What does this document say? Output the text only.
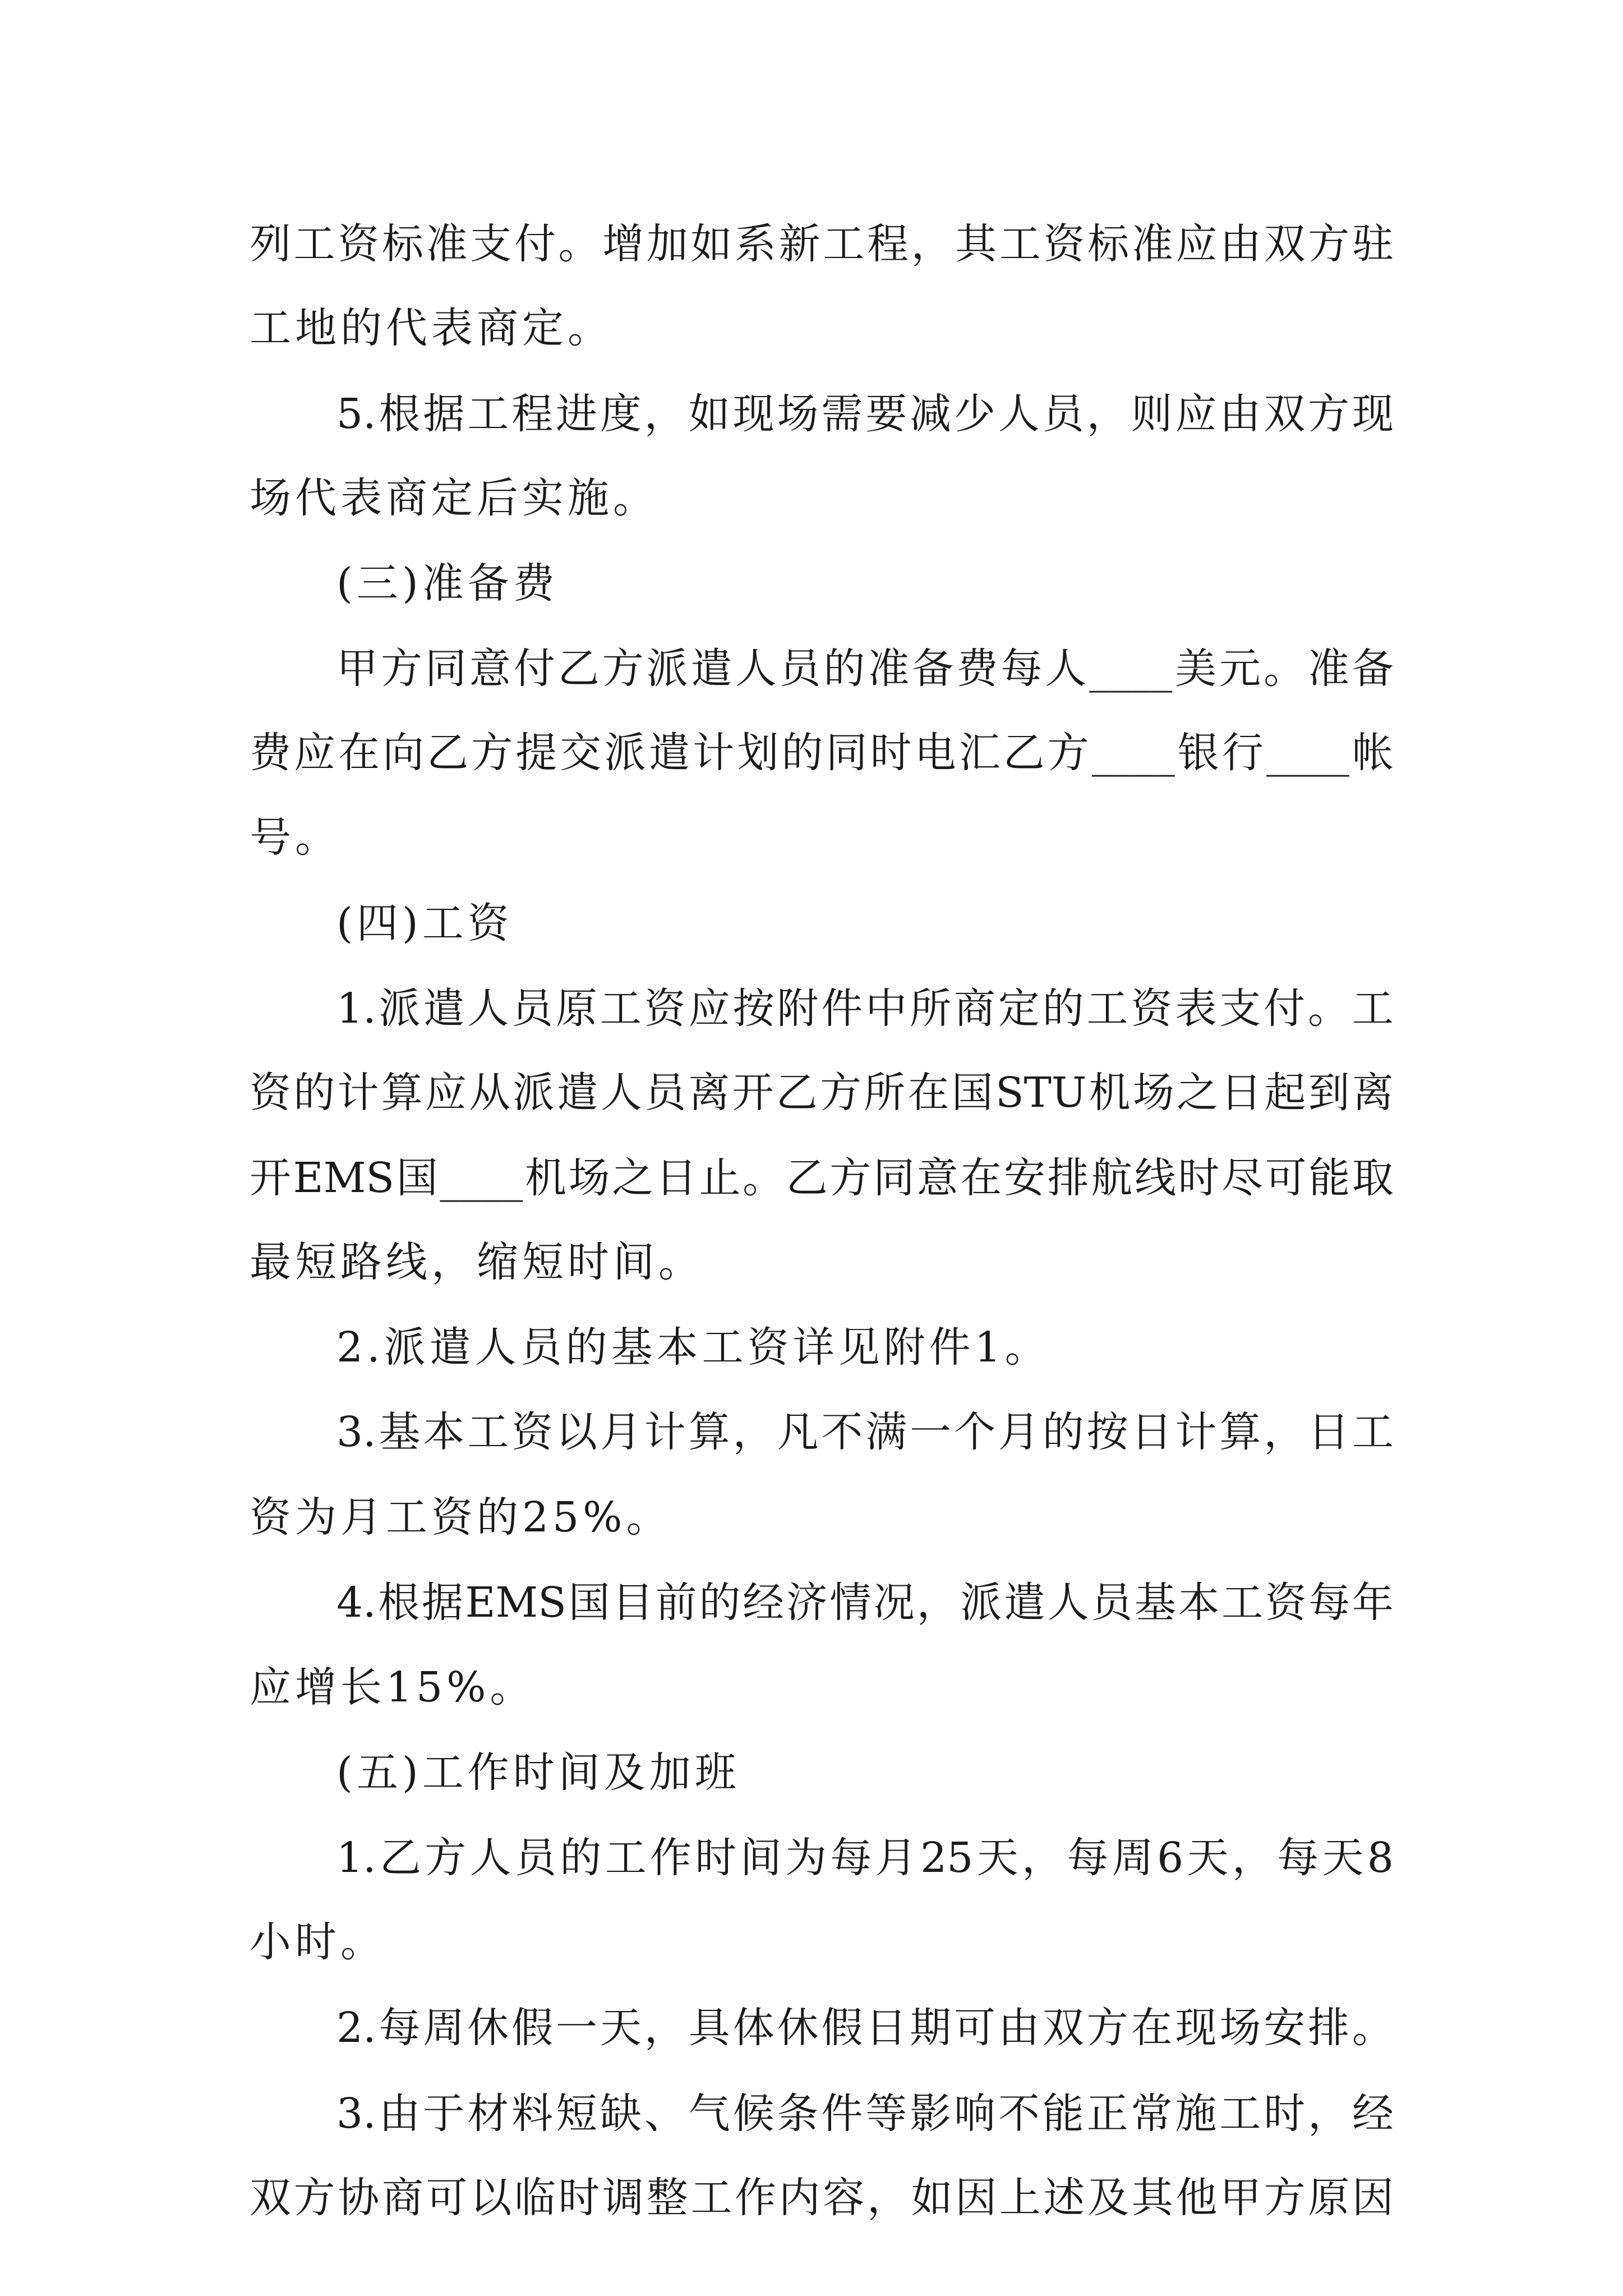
列工资标准支付。增加如系新工程，其工资标准应由双方驻
工地的代表商定。
5.根据工程进度，如现场需要减少人员，则应由双方现
场代表商定后实施。
(三)准备费
甲方同意付乙方派遣人员的准备费每人____美元。准备
费应在向乙方提交派遣计划的同时电汇乙方____银行____帐
号。
(四)工资
1.派遣人员原工资应按附件中所商定的工资表支付。工
资的计算应从派遣人员离开乙方所在国STU机场之日起到离
开EMS国____机场之日止。乙方同意在安排航线时尽可能取
最短路线，缩短时间。
2.派遣人员的基本工资详见附件1。
3.基本工资以月计算，凡不满一个月的按日计算，日工
资为月工资的25%。
4.根据EMS国目前的经济情况，派遣人员基本工资每年
应增长15%。
(五)工作时间及加班
1.乙方人员的工作时间为每月25天，每周6天，每天8
小时。
2.每周休假一天，具体休假日期可由双方在现场安排。
3.由于材料短缺、气候条件等影响不能正常施工时，经
双方协商可以临时调整工作内容，如因上述及其他甲方原因
